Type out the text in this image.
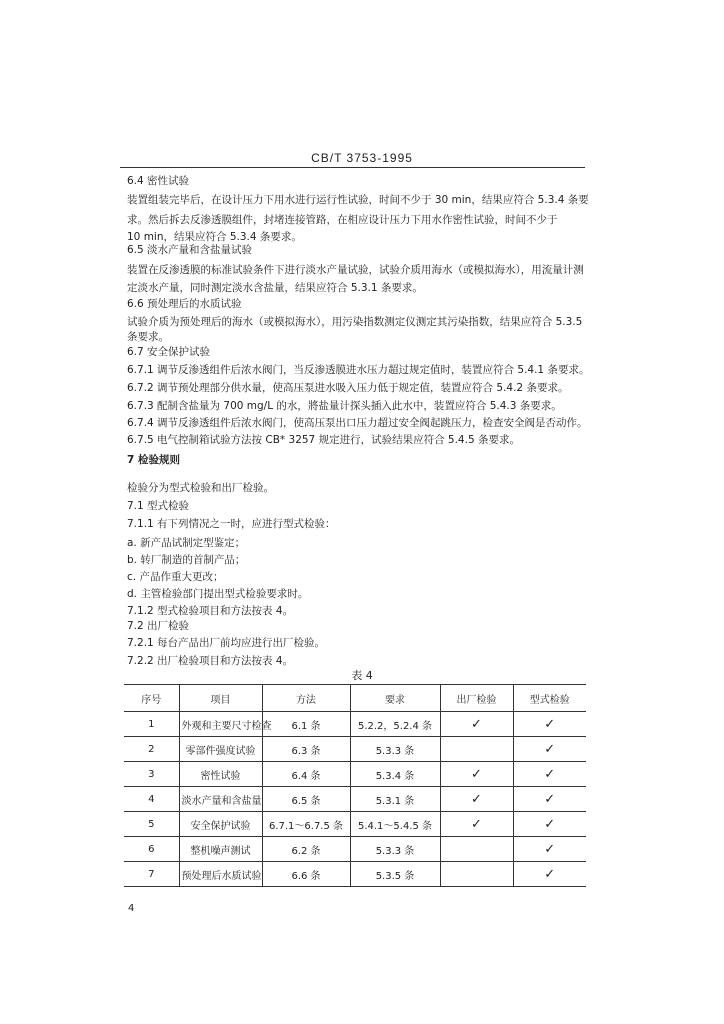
CB/T 3753-1995
6.4 密性试验
装置组装完毕后，在设计压力下用水进行运行性试验，时间不少于 30 min，结果应符合 5.3.4 条要
求。然后拆去反渗透膜组件，封堵连接管路，在相应设计压力下用水作密性试验，时间不少于
10 min，结果应符合 5.3.4 条要求。
6.5 淡水产量和含盐量试验
装置在反渗透膜的标准试验条件下进行淡水产量试验，试验介质用海水（或模拟海水），用流量计测
定淡水产量，同时测定淡水含盐量，结果应符合 5.3.1 条要求。
6.6 预处理后的水质试验
试验介质为预处理后的海水（或模拟海水），用污染指数测定仪测定其污染指数，结果应符合 5.3.5
条要求。
6.7 安全保护试验
6.7.1 调节反渗透组件后浓水阀门，当反渗透膜进水压力超过规定值时，装置应符合 5.4.1 条要求。
6.7.2 调节预处理部分供水量，使高压泵进水吸入压力低于规定值，装置应符合 5.4.2 条要求。
6.7.3 配制含盐量为 700 mg/L 的水，將盐量计探头插入此水中，装置应符合 5.4.3 条要求。
6.7.4 调节反渗透组件后浓水阀门，使高压泵出口压力超过安全阀起跳压力，检查安全阀是否动作。
6.7.5 电气控制箱试验方法按 CB* 3257 规定进行，试验结果应符合 5.4.5 条要求。
7 检验规则
检验分为型式检验和出厂检验。
7.1 型式检验
7.1.1 有下列情况之一时，应进行型式检验：
a. 新产品试制定型鉴定；
b. 转厂制造的首制产品；
c. 产品作重大更改；
d. 主管检验部门提出型式检验要求时。
7.1.2 型式检验项目和方法按表 4。
7.2 出厂检验
7.2.1 每台产品出厂前均应进行出厂检验。
7.2.2 出厂检验项目和方法按表 4。
表 4
序号	项目	方法	要求	出厂检验	型式检验
1	外观和主要尺寸检查	6.1 条	5.2.2，5.2.4 条	✓	✓
2	零部件强度试验	6.3 条	5.3.3 条		✓
3	密性试验	6.4 条	5.3.4 条	✓	✓
4	淡水产量和含盐量	6.5 条	5.3.1 条	✓	✓
5	安全保护试验	6.7.1～6.7.5 条	5.4.1～5.4.5 条	✓	✓
6	整机噪声测试	6.2 条	5.3.3 条		✓
7	预处理后水质试验	6.6 条	5.3.5 条		✓
4
